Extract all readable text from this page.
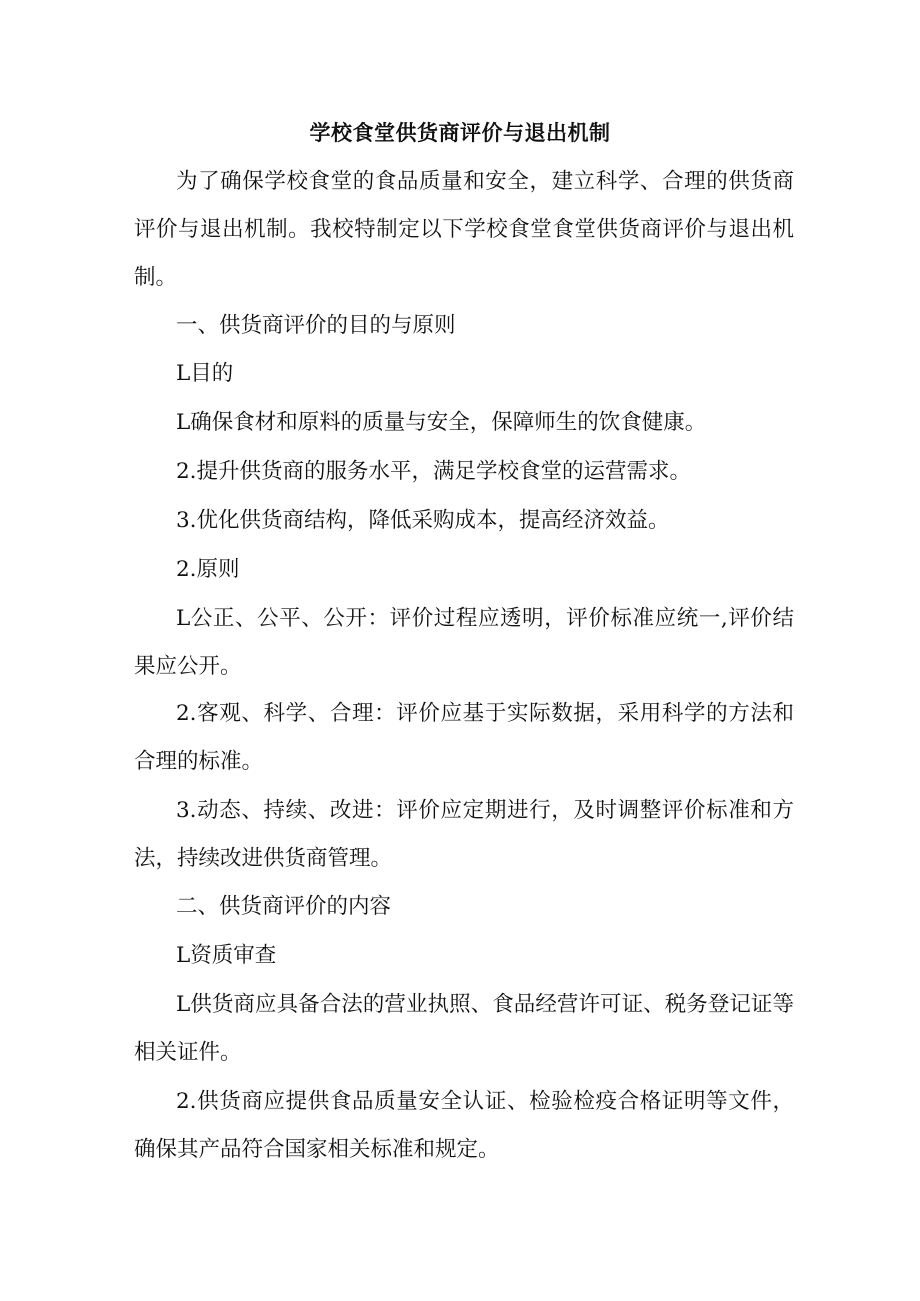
学校食堂供货商评价与退出机制

为了确保学校食堂的食品质量和安全，建立科学、合理的供货商评价与退出机制。我校特制定以下学校食堂食堂供货商评价与退出机制。

一、供货商评价的目的与原则

L目的

L确保食材和原料的质量与安全，保障师生的饮食健康。

2.提升供货商的服务水平，满足学校食堂的运营需求。

3.优化供货商结构，降低采购成本，提高经济效益。

2.原则

L公正、公平、公开：评价过程应透明，评价标准应统一,评价结果应公开。

2.客观、科学、合理：评价应基于实际数据，采用科学的方法和合理的标准。

3.动态、持续、改进：评价应定期进行，及时调整评价标准和方法，持续改进供货商管理。

二、供货商评价的内容

L资质审查

L供货商应具备合法的营业执照、食品经营许可证、税务登记证等相关证件。

2.供货商应提供食品质量安全认证、检验检疫合格证明等文件，确保其产品符合国家相关标准和规定。
